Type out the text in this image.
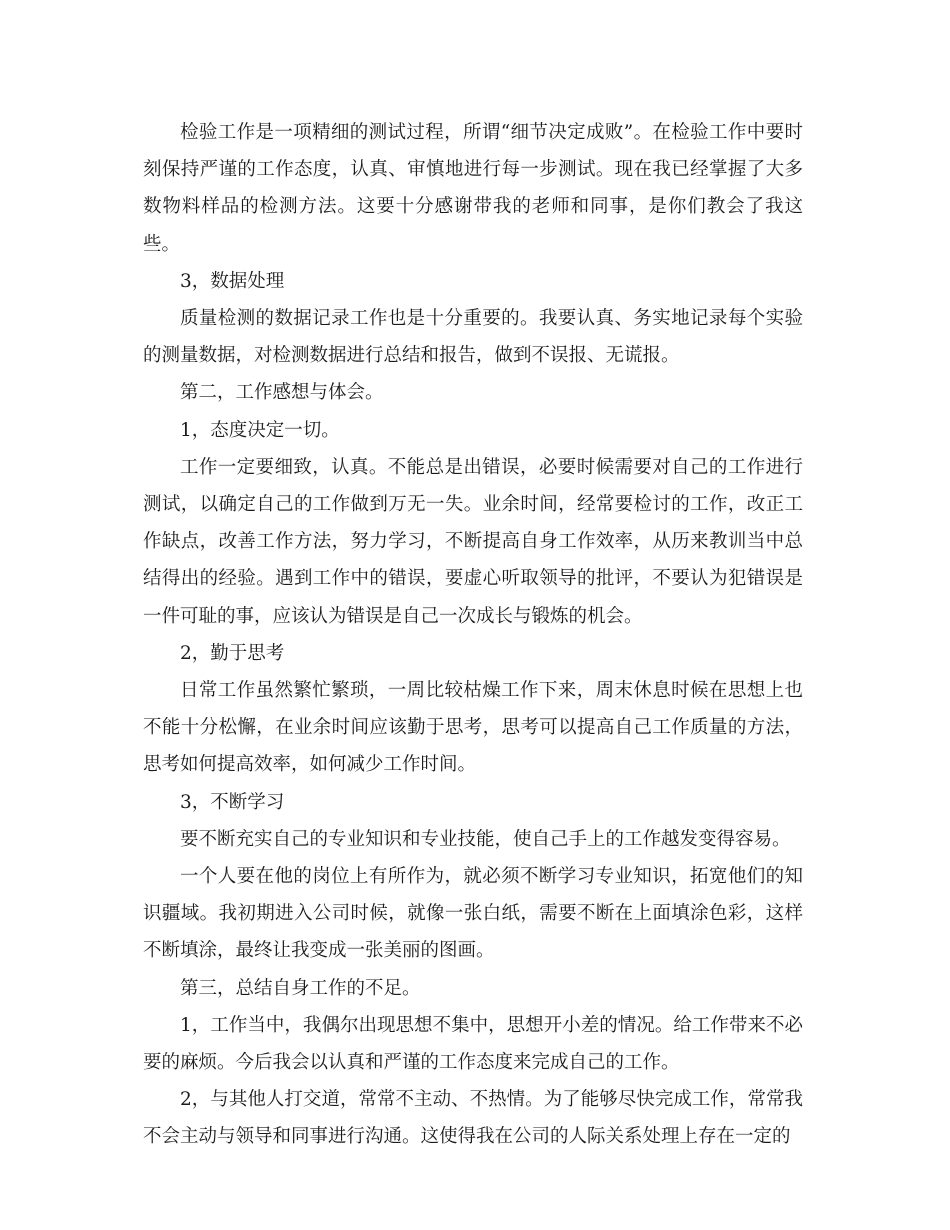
检验工作是一项精细的测试过程，所谓“细节决定成败”。在检验工作中要时刻保持严谨的工作态度，认真、审慎地进行每一步测试。现在我已经掌握了大多数物料样品的检测方法。这要十分感谢带我的老师和同事，是你们教会了我这些。

3，数据处理

质量检测的数据记录工作也是十分重要的。我要认真、务实地记录每个实验的测量数据，对检测数据进行总结和报告，做到不误报、无谎报。

第二，工作感想与体会。

1，态度决定一切。

工作一定要细致，认真。不能总是出错误，必要时候需要对自己的工作进行测试，以确定自己的工作做到万无一失。业余时间，经常要检讨的工作，改正工作缺点，改善工作方法，努力学习，不断提高自身工作效率，从历来教训当中总结得出的经验。遇到工作中的错误，要虚心听取领导的批评，不要认为犯错误是一件可耻的事，应该认为错误是自己一次成长与锻炼的机会。

2，勤于思考

日常工作虽然繁忙繁琐，一周比较枯燥工作下来，周末休息时候在思想上也不能十分松懈，在业余时间应该勤于思考，思考可以提高自己工作质量的方法，思考如何提高效率，如何减少工作时间。

3，不断学习

要不断充实自己的专业知识和专业技能，使自己手上的工作越发变得容易。

一个人要在他的岗位上有所作为，就必须不断学习专业知识，拓宽他们的知识疆域。我初期进入公司时候，就像一张白纸，需要不断在上面填涂色彩，这样不断填涂，最终让我变成一张美丽的图画。

第三，总结自身工作的不足。

1，工作当中，我偶尔出现思想不集中，思想开小差的情况。给工作带来不必要的麻烦。今后我会以认真和严谨的工作态度来完成自己的工作。

2，与其他人打交道，常常不主动、不热情。为了能够尽快完成工作，常常我不会主动与领导和同事进行沟通。这使得我在公司的人际关系处理上存在一定的
